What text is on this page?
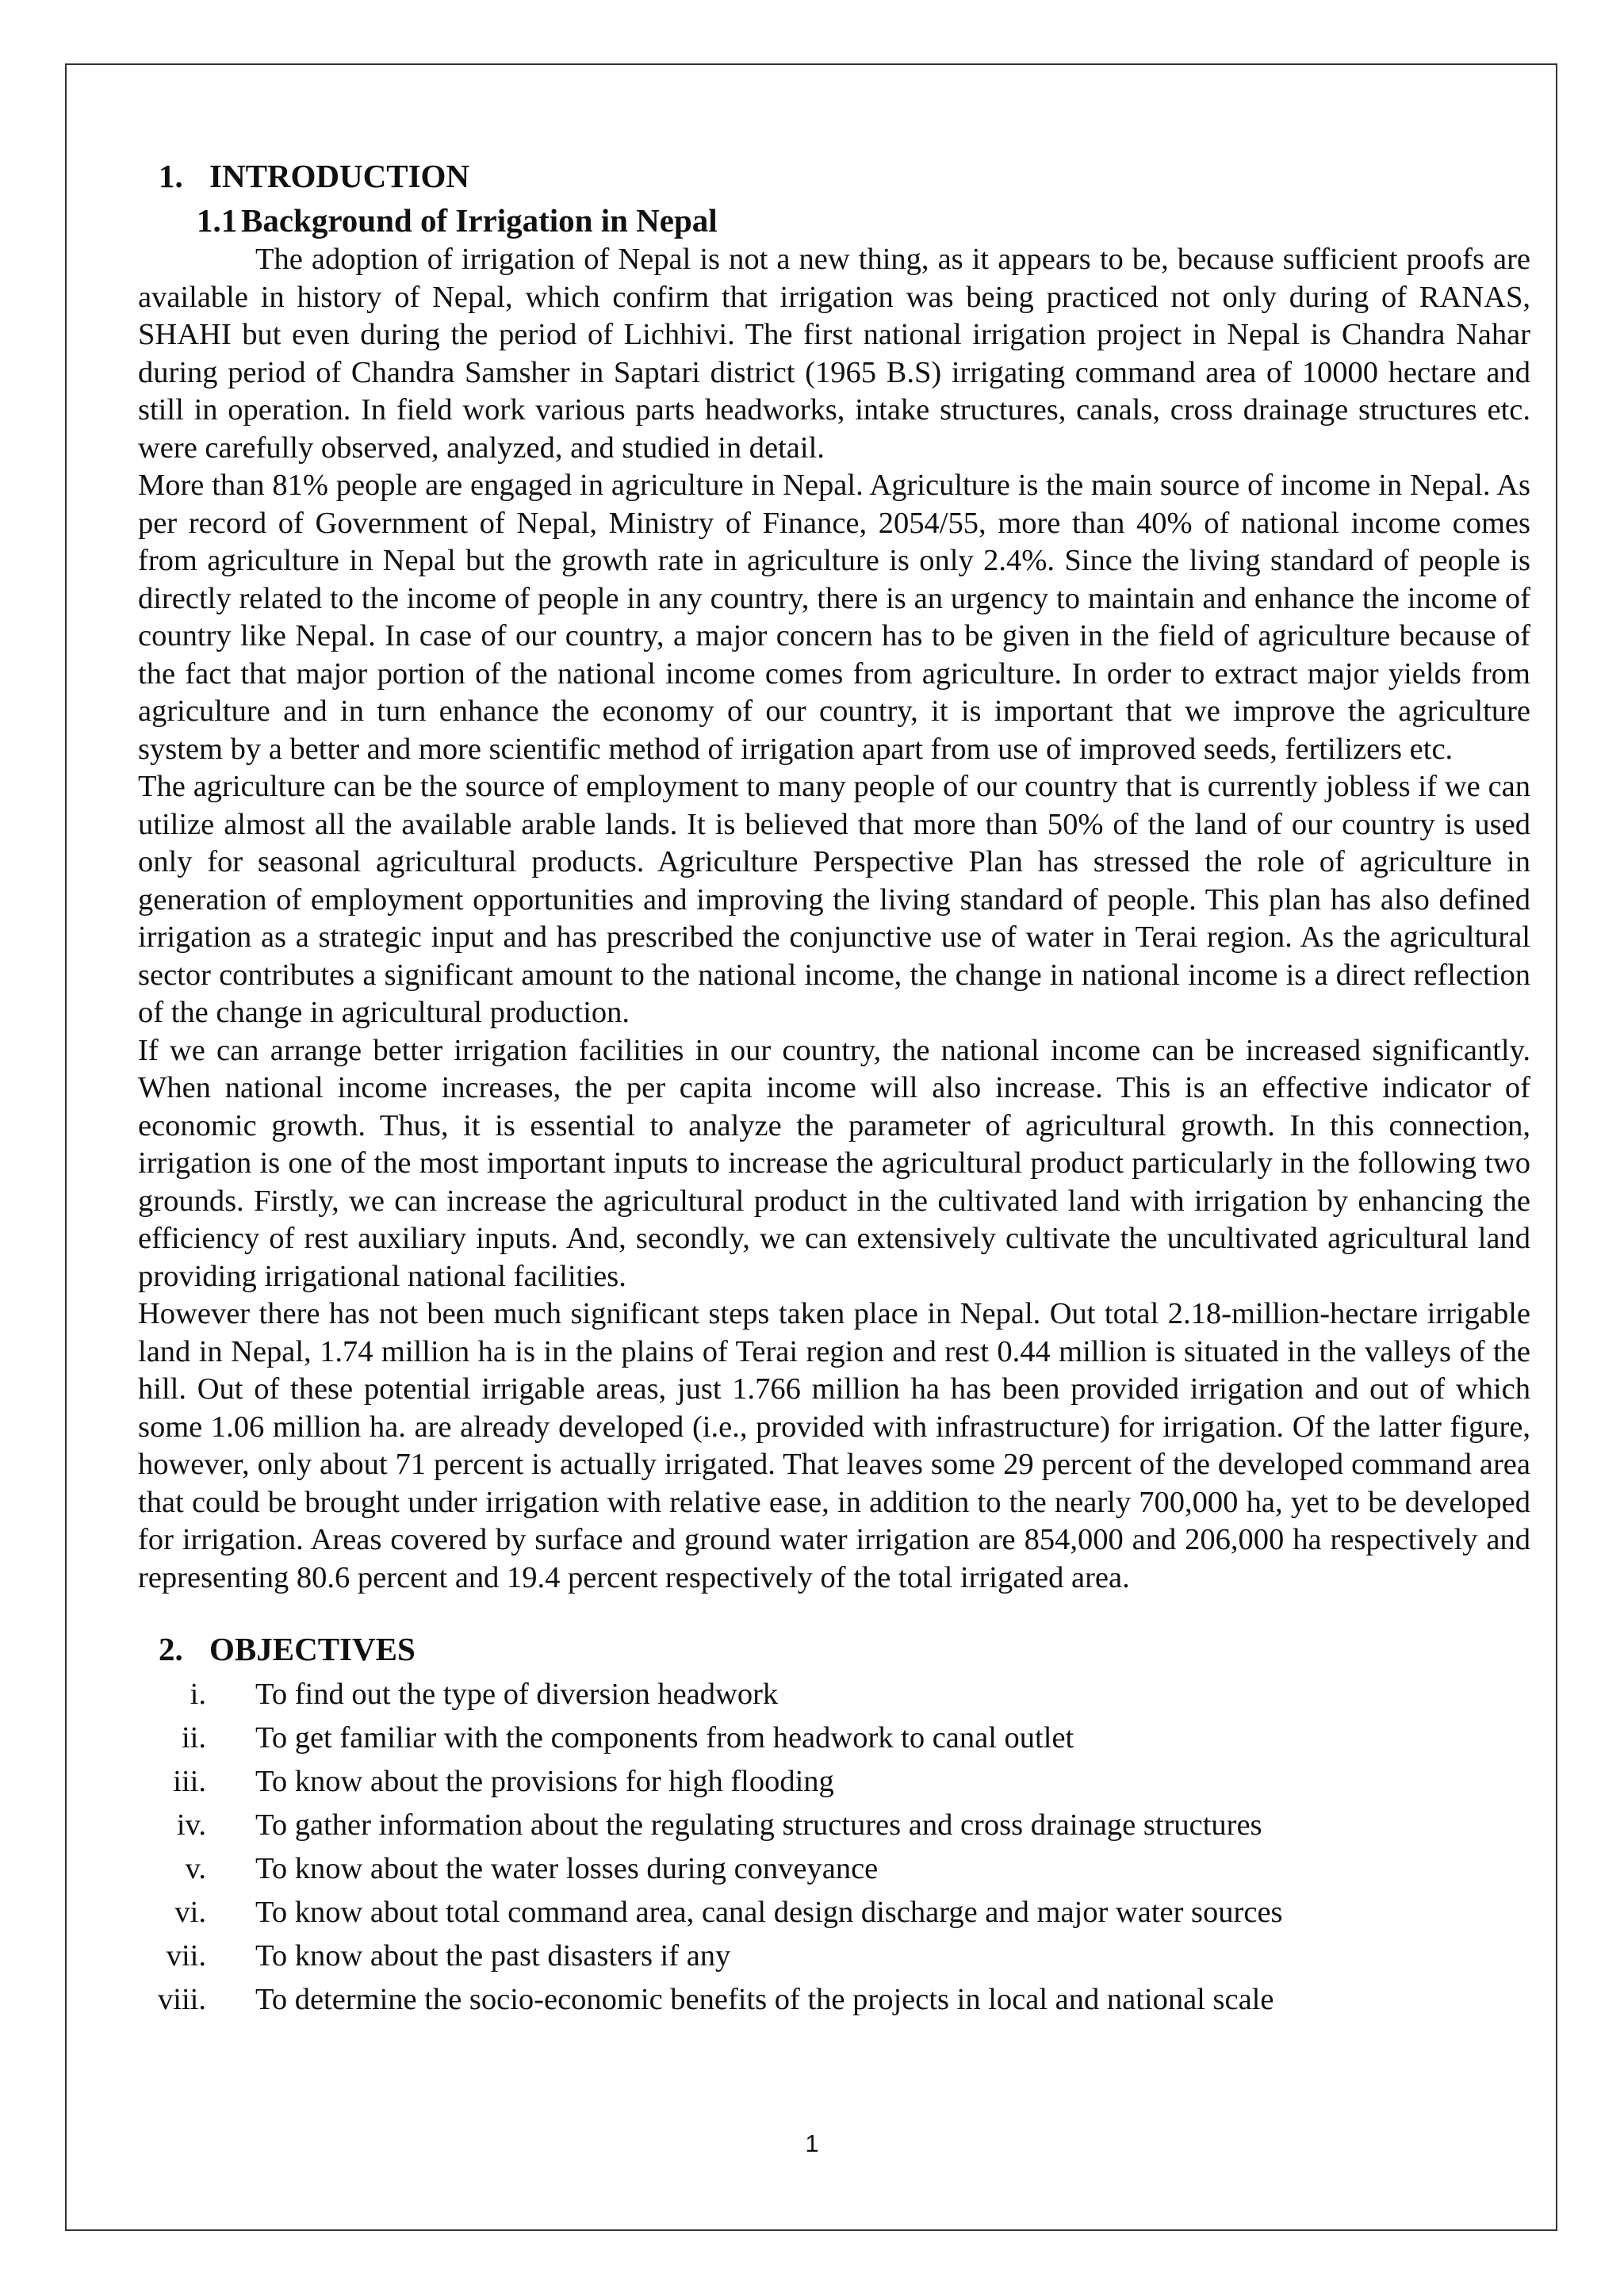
1. INTRODUCTION
1.1 Background of Irrigation in Nepal

The adoption of irrigation of Nepal is not a new thing, as it appears to be, because sufficient proofs are available in history of Nepal, which confirm that irrigation was being practiced not only during of RANAS, SHAHI but even during the period of Lichhivi. The first national irrigation project in Nepal is Chandra Nahar during period of Chandra Samsher in Saptari district (1965 B.S) irrigating command area of 10000 hectare and still in operation. In field work various parts headworks, intake structures, canals, cross drainage structures etc. were carefully observed, analyzed, and studied in detail.

More than 81% people are engaged in agriculture in Nepal. Agriculture is the main source of income in Nepal. As per record of Government of Nepal, Ministry of Finance, 2054/55, more than 40% of national income comes from agriculture in Nepal but the growth rate in agriculture is only 2.4%. Since the living standard of people is directly related to the income of people in any country, there is an urgency to maintain and enhance the income of country like Nepal. In case of our country, a major concern has to be given in the field of agriculture because of the fact that major portion of the national income comes from agriculture. In order to extract major yields from agriculture and in turn enhance the economy of our country, it is important that we improve the agriculture system by a better and more scientific method of irrigation apart from use of improved seeds, fertilizers etc.

The agriculture can be the source of employment to many people of our country that is currently jobless if we can utilize almost all the available arable lands. It is believed that more than 50% of the land of our country is used only for seasonal agricultural products. Agriculture Perspective Plan has stressed the role of agriculture in generation of employment opportunities and improving the living standard of people. This plan has also defined irrigation as a strategic input and has prescribed the conjunctive use of water in Terai region. As the agricultural sector contributes a significant amount to the national income, the change in national income is a direct reflection of the change in agricultural production.

If we can arrange better irrigation facilities in our country, the national income can be increased significantly. When national income increases, the per capita income will also increase. This is an effective indicator of economic growth. Thus, it is essential to analyze the parameter of agricultural growth. In this connection, irrigation is one of the most important inputs to increase the agricultural product particularly in the following two grounds. Firstly, we can increase the agricultural product in the cultivated land with irrigation by enhancing the efficiency of rest auxiliary inputs. And, secondly, we can extensively cultivate the uncultivated agricultural land providing irrigational national facilities.

However there has not been much significant steps taken place in Nepal. Out total 2.18-million-hectare irrigable land in Nepal, 1.74 million ha is in the plains of Terai region and rest 0.44 million is situated in the valleys of the hill. Out of these potential irrigable areas, just 1.766 million ha has been provided irrigation and out of which some 1.06 million ha. are already developed (i.e., provided with infrastructure) for irrigation. Of the latter figure, however, only about 71 percent is actually irrigated. That leaves some 29 percent of the developed command area that could be brought under irrigation with relative ease, in addition to the nearly 700,000 ha, yet to be developed for irrigation. Areas covered by surface and ground water irrigation are 854,000 and 206,000 ha respectively and representing 80.6 percent and 19.4 percent respectively of the total irrigated area.

2. OBJECTIVES
i. To find out the type of diversion headwork
ii. To get familiar with the components from headwork to canal outlet
iii. To know about the provisions for high flooding
iv. To gather information about the regulating structures and cross drainage structures
v. To know about the water losses during conveyance
vi. To know about total command area, canal design discharge and major water sources
vii. To know about the past disasters if any
viii. To determine the socio-economic benefits of the projects in local and national scale
1
